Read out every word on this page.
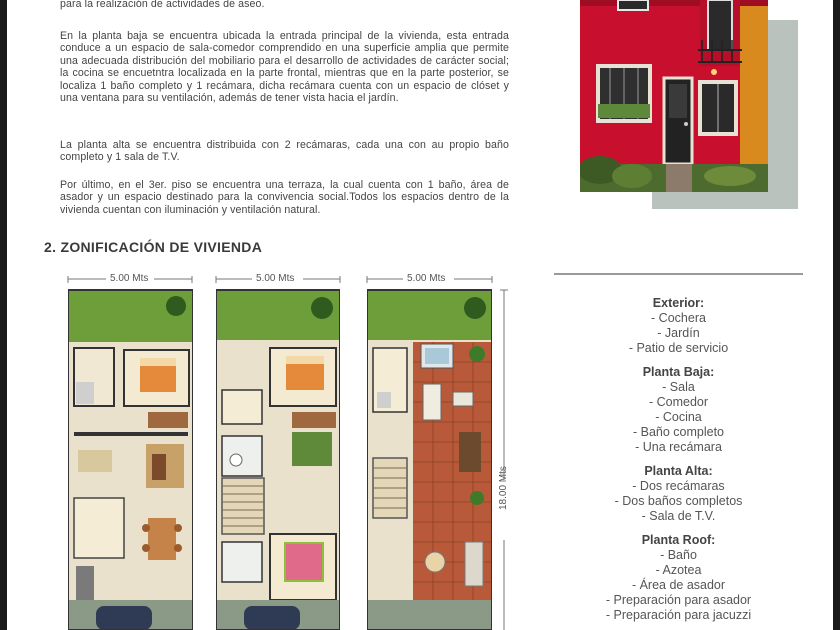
para la realización de actividades de aseo.

En la planta baja se encuentra ubicada la entrada principal de la vivienda, esta entrada conduce a un espacio de sala-comedor comprendido en una superficie amplia que permite una adecuada distribución del mobiliario para el desarrollo de actividades de carácter social; la cocina se encuetntra localizada en la parte frontal, mientras que en la parte posterior, se localiza 1 baño completo y 1 recámara, dicha recámara cuenta con un espacio de clóset y una ventana para su ventilación, además de tener vista hacia el jardín.

La planta alta se encuentra distribuida con 2 recámaras, cada una con au propio baño completo y 1 sala de T.V.

Por último, en el 3er. piso se encuentra una terraza, la cual cuenta con 1 baño, área de asador y un espacio destinado para la convivencia social.Todos los espacios dentro de la vivienda cuentan con iluminación y ventilación natural.

2. ZONIFICACIÓN DE VIVIENDA
5.00 Mts	5.00 Mts	5.00 Mts
18.00 Mts
Exterior:
- Cochera
- Jardín
- Patio de servicio
Planta Baja:
- Sala
- Comedor
- Cocina
- Baño completo
- Una recámara
Planta Alta:
- Dos recámaras
- Dos baños completos
- Sala de T.V.
Planta Roof:
- Baño
- Azotea
- Área de asador
- Preparación para asador
- Preparación para jacuzzi
